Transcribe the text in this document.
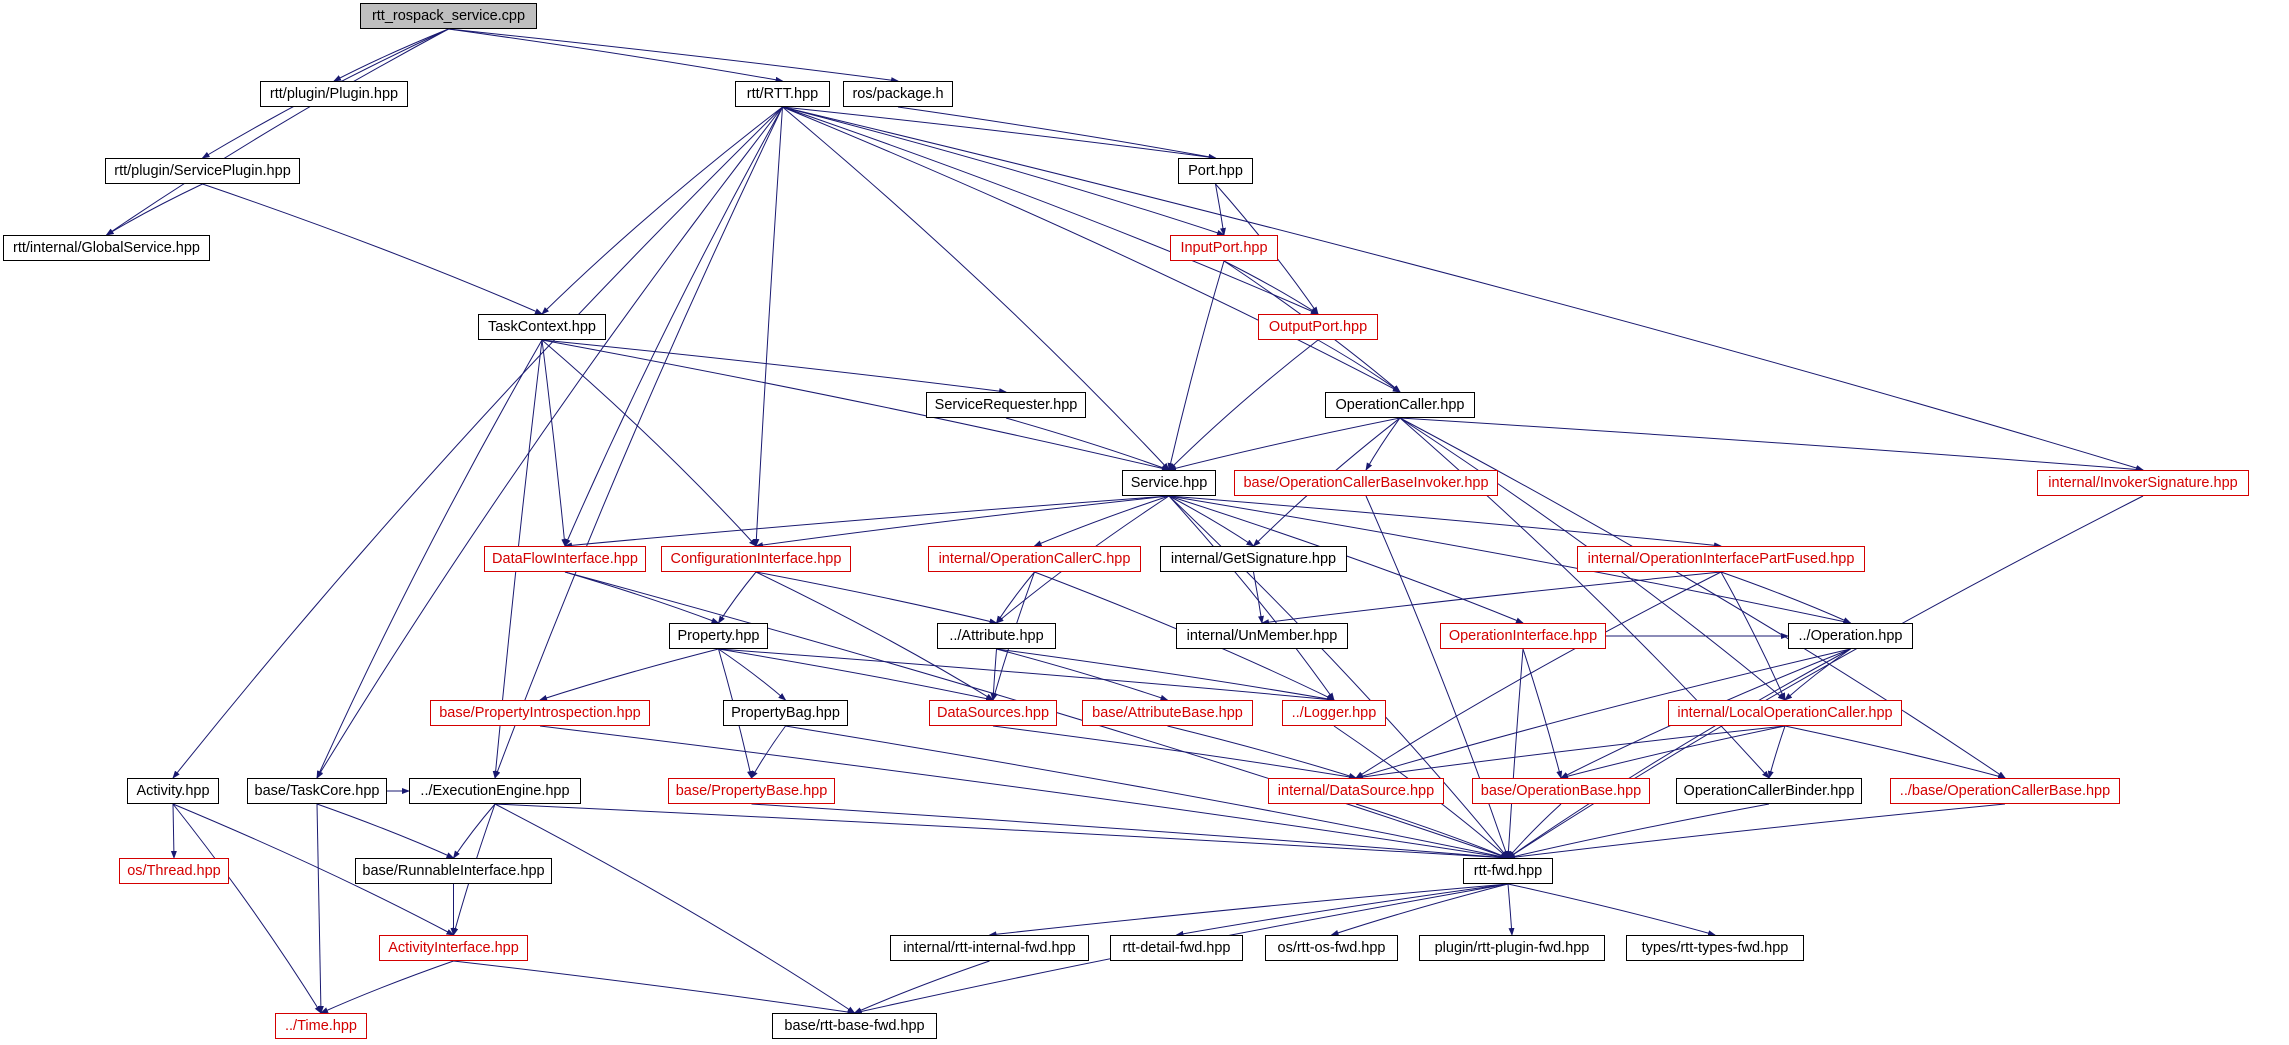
rtt_rospack_service.cpp
rtt/plugin/Plugin.hpp	rtt/RTT.hpp ros/package.h
rtt/plugin/ServicePlugin.hpp	Port.hpp
rtt/internal/GlobalService.hpp	InputPort.hpp
OutputPort.hpp
TaskContext.hpp
ServiceRequester.hpp	OperationCaller.hpp
Service.hpp base/OperationCallerBaseInvoker.hpp	internal/InvokerSignature.hpp
DataFlowInterface.hpp ConfigurationInterface.hpp	internal/OperationCallerC.hpp	internal/GetSignature.hpp	internal/OperationInterfacePartFused.hpp
Property.hpp	../Attribute.hpp	internal/UnMember.hpp	OperationInterface.hpp	../Operation.hpp
base/PropertyIntrospection.hpp	PropertyBag.hpp	DataSources.hpp	base/AttributeBase.hpp	../Logger.hpp	internal/LocalOperationCaller.hpp
Activity.hpp	base/TaskCore.hpp	../ExecutionEngine.hpp	base/PropertyBase.hpp	internal/DataSource.hpp	base/OperationBase.hpp	OperationCallerBinder.hpp	../base/OperationCallerBase.hpp
os/Thread.hpp	base/RunnableInterface.hpp	rtt-fwd.hpp
ActivityInterface.hpp	internal/rtt-internal-fwd.hpp	rtt-detail-fwd.hpp	os/rtt-os-fwd.hpp	plugin/rtt-plugin-fwd.hpp	types/rtt-types-fwd.hpp
../Time.hpp	base/rtt-base-fwd.hpp
